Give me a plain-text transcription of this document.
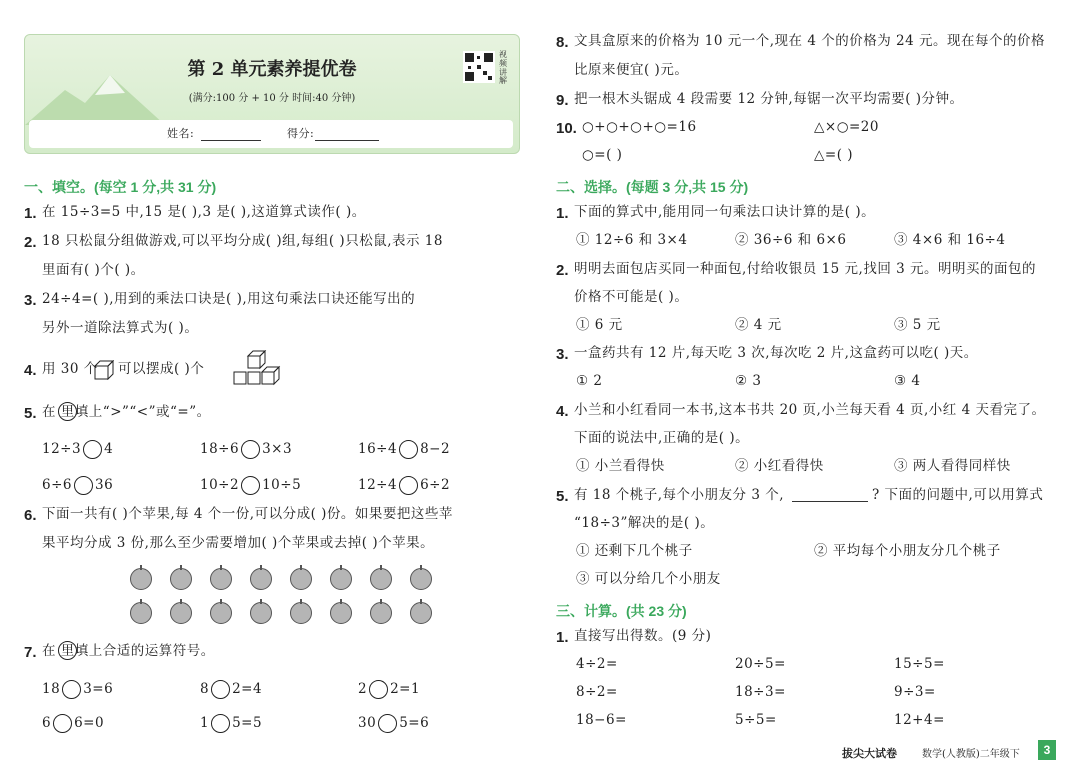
第 2 单元素养提优卷
(满分:100 分 + 10 分 时间:40 分钟)
视频讲解
姓名:	得分:
一、填空。(每空 1 分,共 31 分)
1. 在 15÷3=5 中,15 是( ),3 是( ),这道算式读作( )。
2. 18 只松鼠分组做游戏,可以平均分成( )组,每组( )只松鼠,表示 18
里面有( )个( )。
3. 24÷4=( ),用到的乘法口诀是( ),用这句乘法口诀还能写出的
另外一道除法算式为( )。
4. 用 30 个 可以摆成( )个
5. 在 里填上“>”“<”或“=”。
12÷3 4	18÷6 3×3	16÷4 8−2
6÷6 36	10÷2 10÷5	12÷4 6÷2
6. 下面一共有( )个苹果,每 4 个一份,可以分成( )份。如果要把这些苹
果平均分成 3 份,那么至少需要增加( )个苹果或去掉( )个苹果。
7. 在 里填上合适的运算符号。
18 3=6	8 2=4	2 2=1
6 6=0	1 5=5	30 5=6
8. 文具盒原来的价格为 10 元一个,现在 4 个的价格为 24 元。现在每个的价格
比原来便宜( )元。
9. 把一根木头锯成 4 段需要 12 分钟,每锯一次平均需要( )分钟。
10. ○+○+○+○=16	△×○=20
○=( )	△=( )
二、选择。(每题 3 分,共 15 分)
1. 下面的算式中,能用同一句乘法口诀计算的是( )。
① 12÷6 和 3×4	② 36÷6 和 6×6	③ 4×6 和 16÷4
2. 明明去面包店买同一种面包,付给收银员 15 元,找回 3 元。明明买的面包的
价格不可能是( )。
① 6 元	② 4 元	③ 5 元
3. 一盒药共有 12 片,每天吃 3 次,每次吃 2 片,这盒药可以吃( )天。
① 2	② 3	③ 4
4. 小兰和小红看同一本书,这本书共 20 页,小兰每天看 4 页,小红 4 天看完了。
下面的说法中,正确的是( )。
① 小兰看得快	② 小红看得快	③ 两人看得同样快
5. 有 18 个桃子,每个小朋友分 3 个,	? 下面的问题中,可以用算式
“18÷3”解决的是( )。
① 还剩下几个桃子	② 平均每个小朋友分几个桃子
③ 可以分给几个小朋友
三、计算。(共 23 分)
1. 直接写出得数。(9 分)
4÷2=	20÷5=	15÷5=
8÷2=	18÷3=	9÷3=
18−6=	5÷5=	12+4=
拔尖大试卷	数学(人教版)二年级下	3
